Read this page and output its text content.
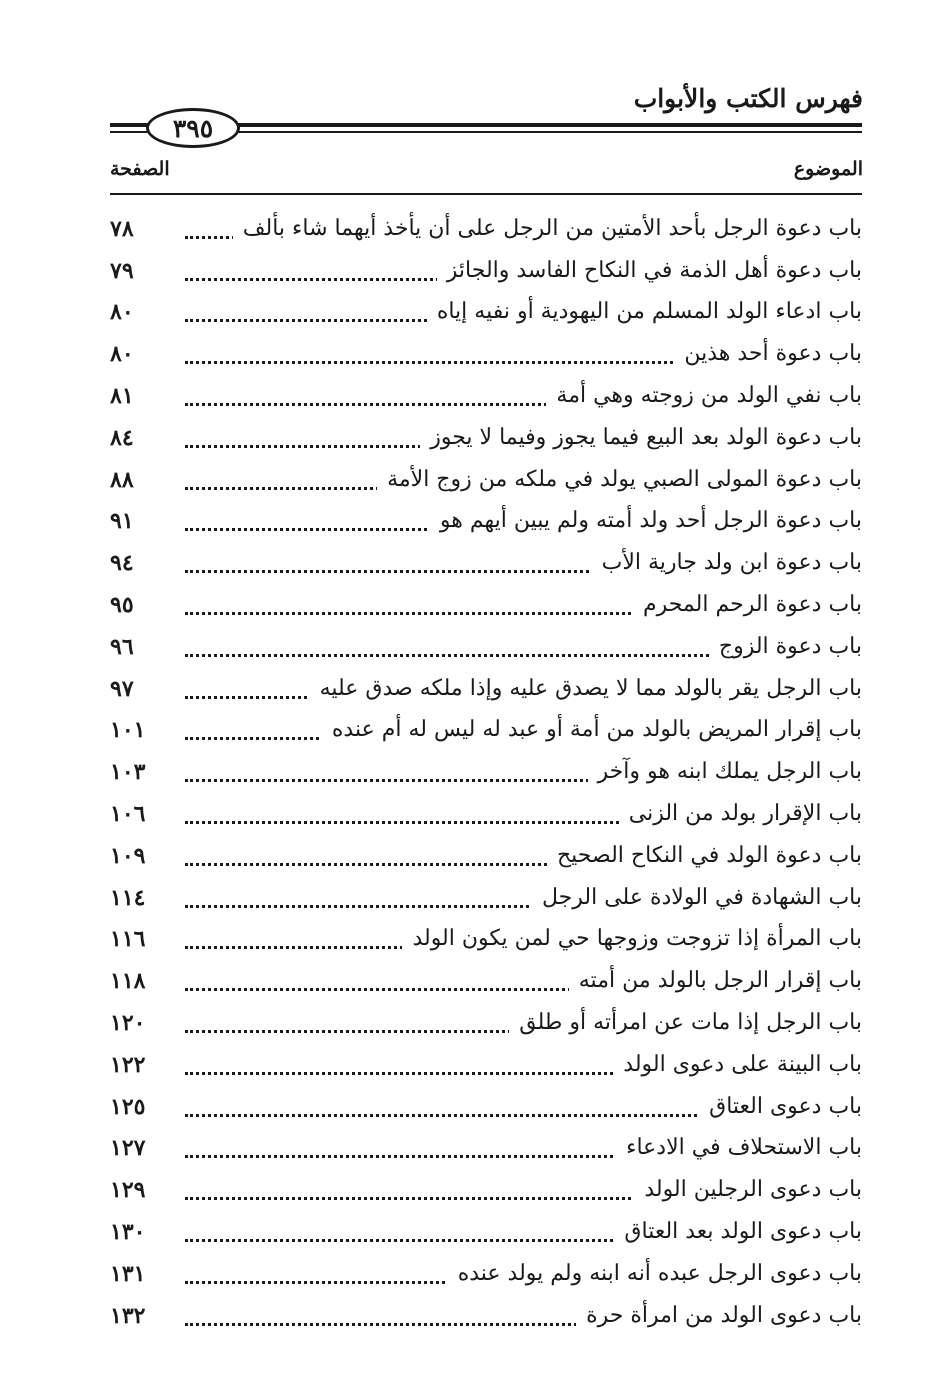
فهرس الكتب والأبواب
٣٩٥
الموضوع
الصفحة
باب دعوة الرجل بأحد الأمتين من الرجل على أن يأخذ أيهما شاء بألف
٧٨
باب دعوة أهل الذمة في النكاح الفاسد والجائز
٧٩
باب ادعاء الولد المسلم من اليهودية أو نفيه إياه
٨٠
باب دعوة أحد هذين
٨٠
باب نفي الولد من زوجته وهي أمة
٨١
باب دعوة الولد بعد البيع فيما يجوز وفيما لا يجوز
٨٤
باب دعوة المولى الصبي يولد في ملكه من زوج الأمة
٨٨
باب دعوة الرجل أحد ولد أمته ولم يبين أيهم هو
٩١
باب دعوة ابن ولد جارية الأب
٩٤
باب دعوة الرحم المحرم
٩٥
باب دعوة الزوج
٩٦
باب الرجل يقر بالولد مما لا يصدق عليه وإذا ملكه صدق عليه
٩٧
باب إقرار المريض بالولد من أمة أو عبد له ليس له أم عنده
١٠١
باب الرجل يملك ابنه هو وآخر
١٠٣
باب الإقرار بولد من الزنى
١٠٦
باب دعوة الولد في النكاح الصحيح
١٠٩
باب الشهادة في الولادة على الرجل
١١٤
باب المرأة إذا تزوجت وزوجها حي لمن يكون الولد
١١٦
باب إقرار الرجل بالولد من أمته
١١٨
باب الرجل إذا مات عن امرأته أو طلق
١٢٠
باب البينة على دعوى الولد
١٢٢
باب دعوى العتاق
١٢٥
باب الاستحلاف في الادعاء
١٢٧
باب دعوى الرجلين الولد
١٢٩
باب دعوى الولد بعد العتاق
١٣٠
باب دعوى الرجل عبده أنه ابنه ولم يولد عنده
١٣١
باب دعوى الولد من امرأة حرة
١٣٢
